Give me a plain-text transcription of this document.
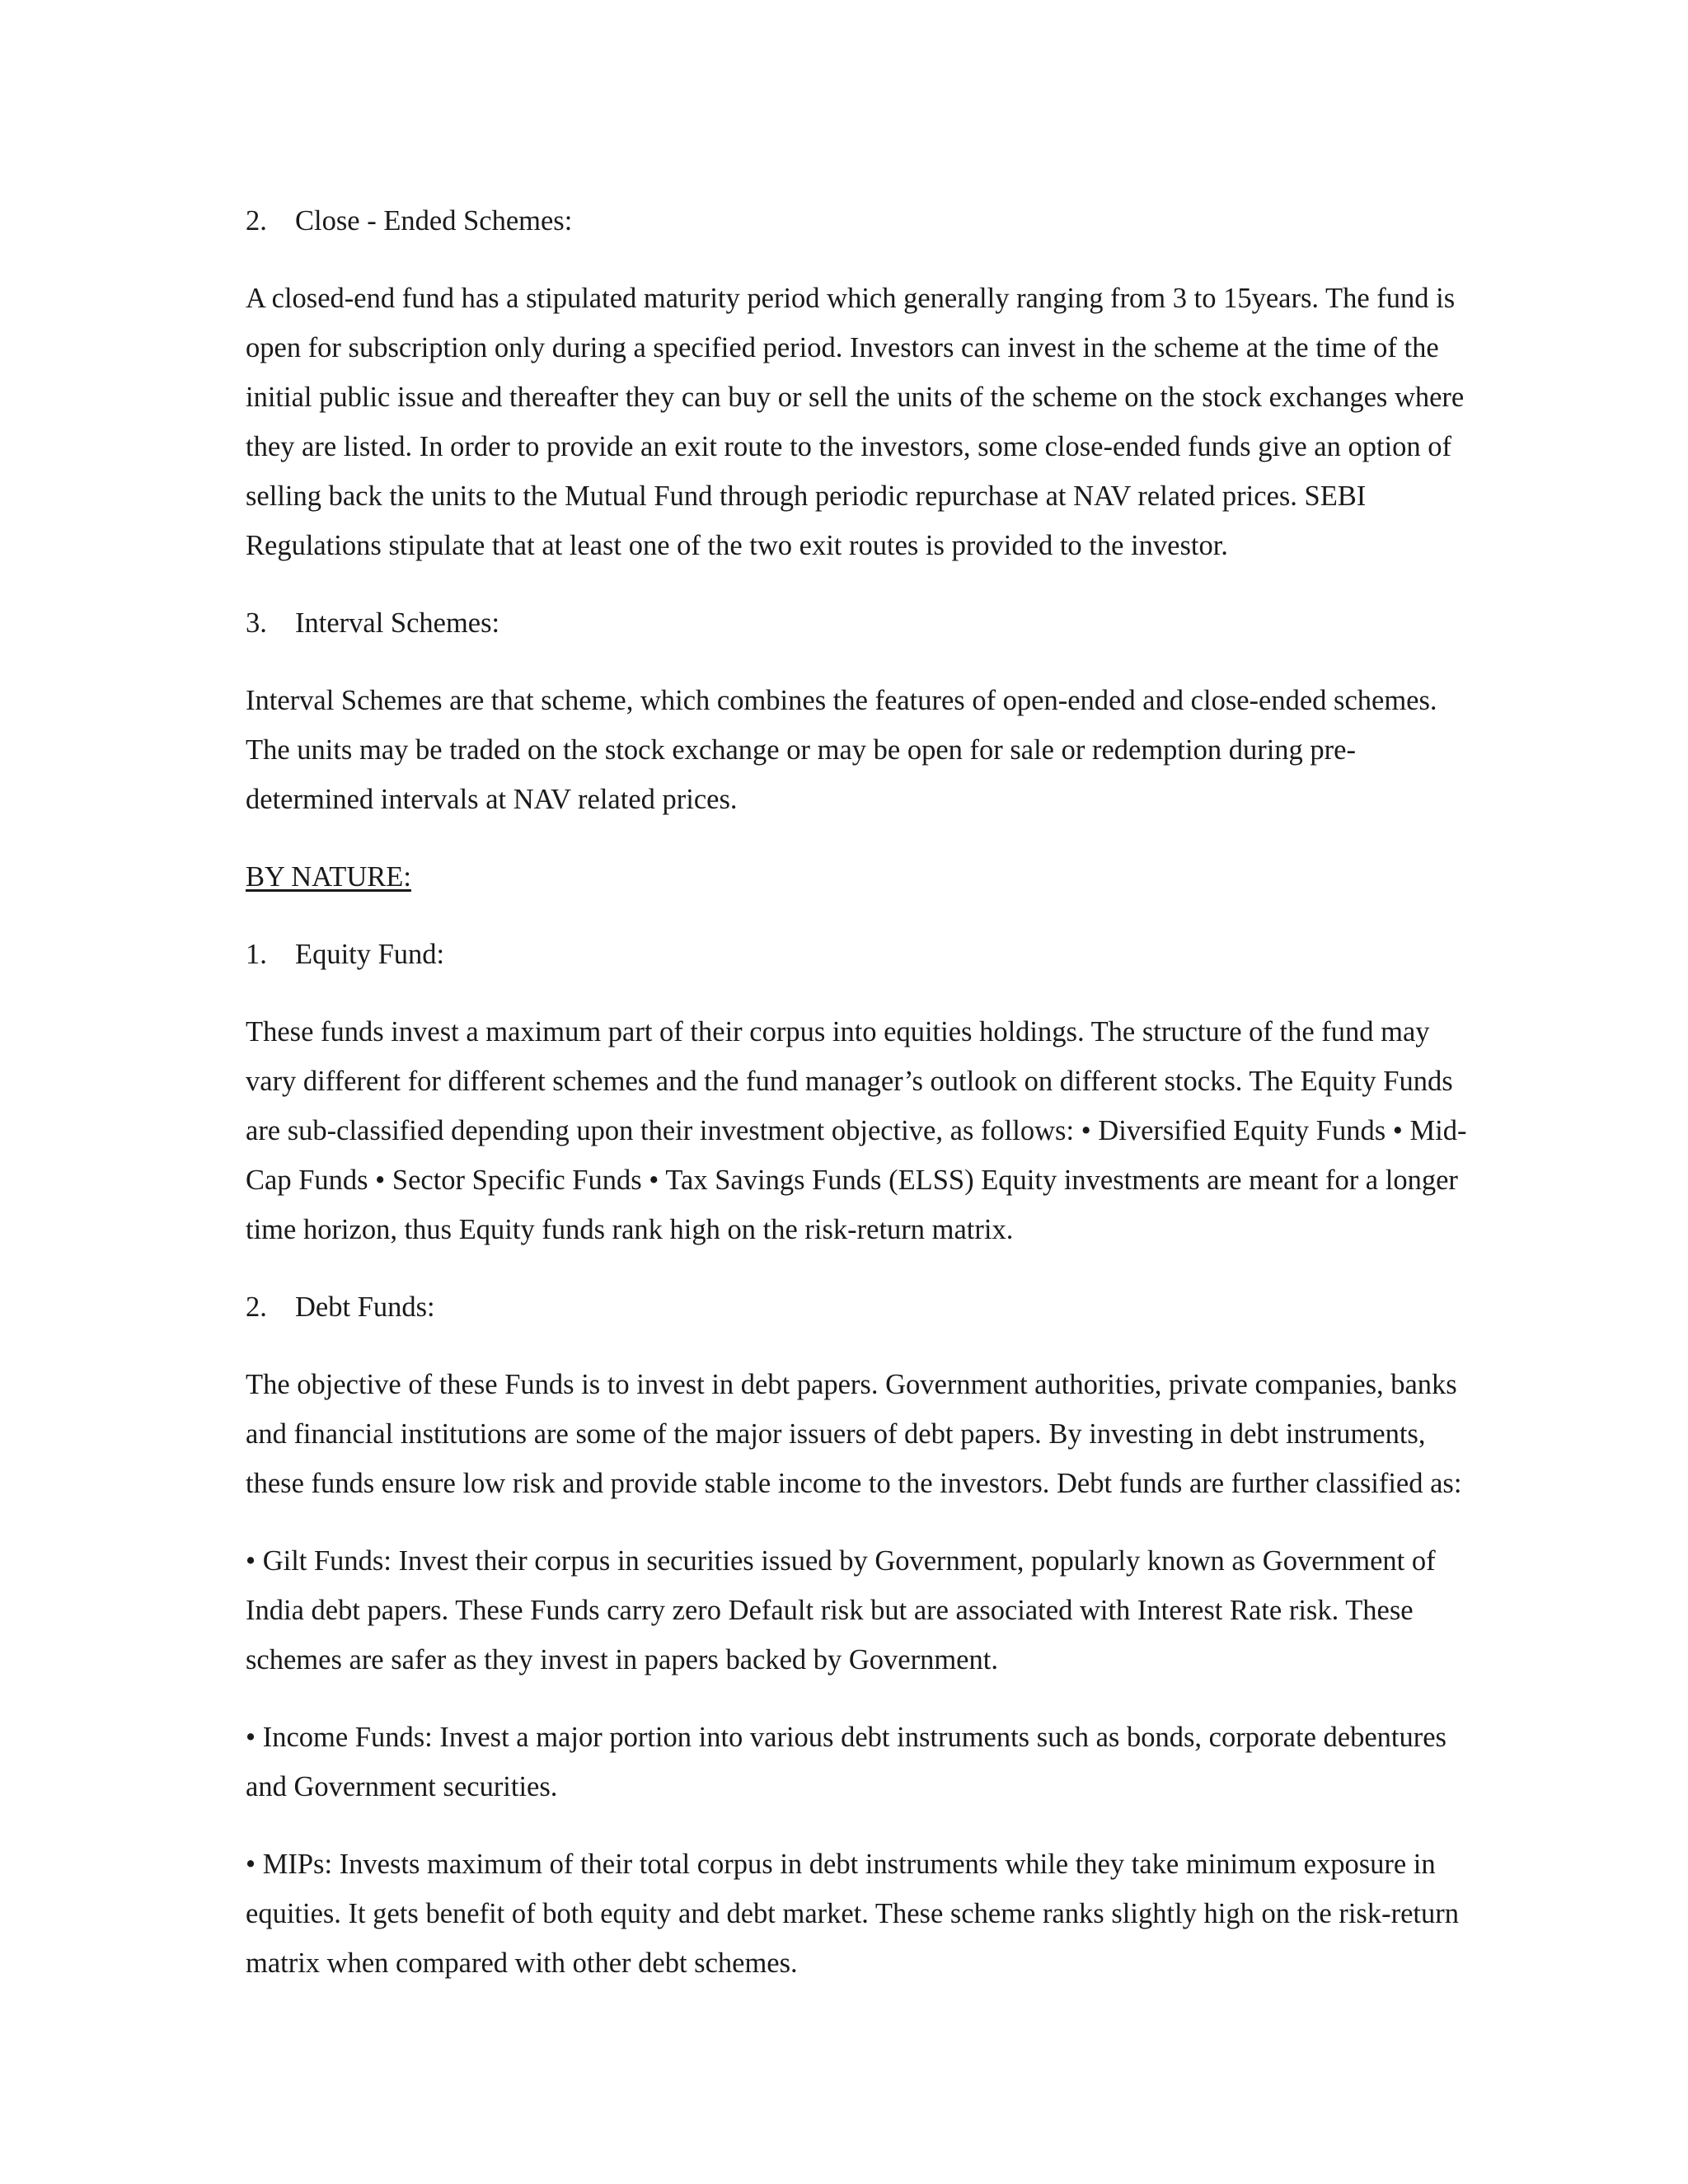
2. Close - Ended Schemes:

A closed-end fund has a stipulated maturity period which generally ranging from 3 to 15years. The fund is open for subscription only during a specified period. Investors can invest in the scheme at the time of the initial public issue and thereafter they can buy or sell the units of the scheme on the stock exchanges where they are listed. In order to provide an exit route to the investors, some close-ended funds give an option of selling back the units to the Mutual Fund through periodic repurchase at NAV related prices. SEBI Regulations stipulate that at least one of the two exit routes is provided to the investor.

3. Interval Schemes:

Interval Schemes are that scheme, which combines the features of open-ended and close-ended schemes. The units may be traded on the stock exchange or may be open for sale or redemption during pre-determined intervals at NAV related prices.

BY NATURE:
1. Equity Fund:

These funds invest a maximum part of their corpus into equities holdings. The structure of the fund may vary different for different schemes and the fund manager’s outlook on different stocks. The Equity Funds are sub-classified depending upon their investment objective, as follows: • Diversified Equity Funds • Mid-Cap Funds • Sector Specific Funds • Tax Savings Funds (ELSS) Equity investments are meant for a longer time horizon, thus Equity funds rank high on the risk-return matrix.

2. Debt Funds:

The objective of these Funds is to invest in debt papers. Government authorities, private companies, banks and financial institutions are some of the major issuers of debt papers. By investing in debt instruments, these funds ensure low risk and provide stable income to the investors. Debt funds are further classified as:

• Gilt Funds: Invest their corpus in securities issued by Government, popularly known as Government of India debt papers. These Funds carry zero Default risk but are associated with Interest Rate risk. These schemes are safer as they invest in papers backed by Government.

• Income Funds: Invest a major portion into various debt instruments such as bonds, corporate debentures and Government securities.

• MIPs: Invests maximum of their total corpus in debt instruments while they take minimum exposure in equities. It gets benefit of both equity and debt market. These scheme ranks slightly high on the risk-return matrix when compared with other debt schemes.
